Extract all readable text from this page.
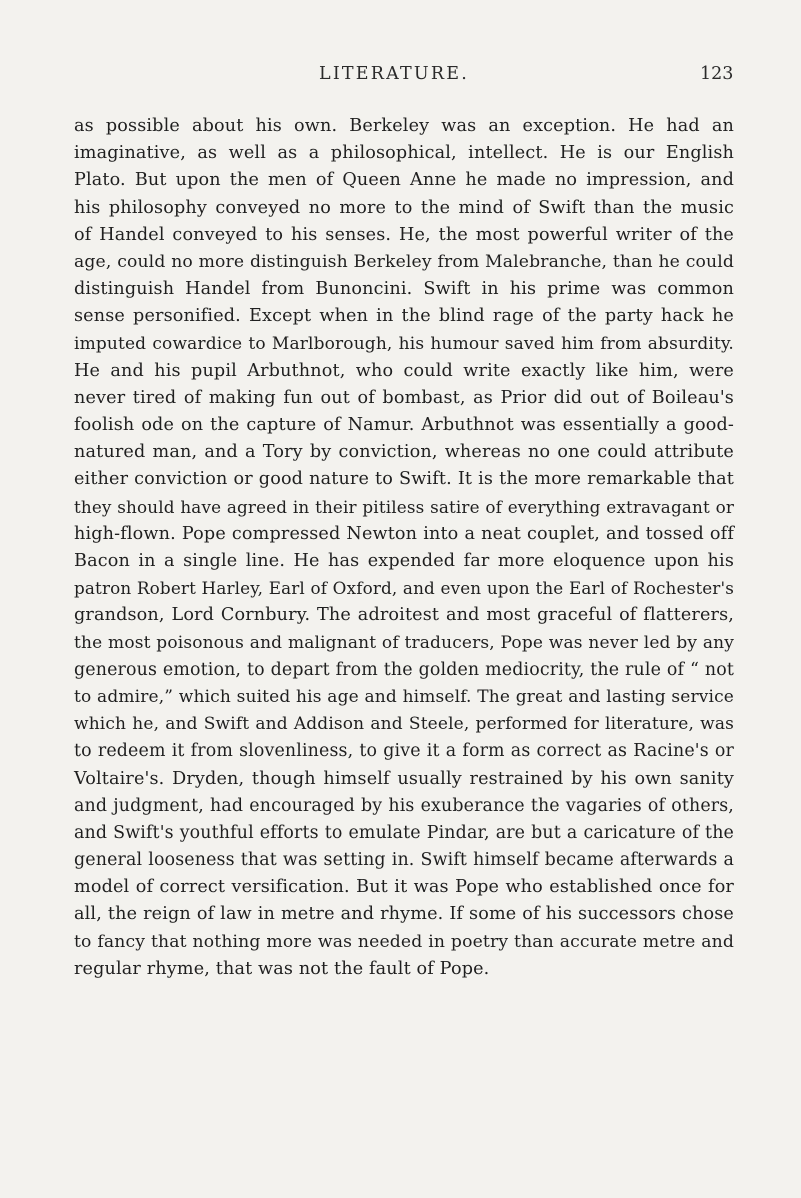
LITERATURE.	123
as possible about his own. Berkeley was an exception. He had an
imaginative, as well as a philosophical, intellect. He is our English
Plato. But upon the men of Queen Anne he made no impression, and
his philosophy conveyed no more to the mind of Swift than the music
of Handel conveyed to his senses. He, the most powerful writer of the
age, could no more distinguish Berkeley from Malebranche, than he could
distinguish Handel from Bunoncini. Swift in his prime was common
sense personified. Except when in the blind rage of the party hack he
imputed cowardice to Marlborough, his humour saved him from absurdity.
He and his pupil Arbuthnot, who could write exactly like him, were
never tired of making fun out of bombast, as Prior did out of Boileau's
foolish ode on the capture of Namur. Arbuthnot was essentially a good-
natured man, and a Tory by conviction, whereas no one could attribute
either conviction or good nature to Swift. It is the more remarkable that
they should have agreed in their pitiless satire of everything extravagant or
high-flown. Pope compressed Newton into a neat couplet, and tossed off
Bacon in a single line. He has expended far more eloquence upon his
patron Robert Harley, Earl of Oxford, and even upon the Earl of Rochester's
grandson, Lord Cornbury. The adroitest and most graceful of flatterers,
the most poisonous and malignant of traducers, Pope was never led by any
generous emotion, to depart from the golden mediocrity, the rule of “ not
to admire,” which suited his age and himself. The great and lasting service
which he, and Swift and Addison and Steele, performed for literature, was
to redeem it from slovenliness, to give it a form as correct as Racine's or
Voltaire's. Dryden, though himself usually restrained by his own sanity
and judgment, had encouraged by his exuberance the vagaries of others,
and Swift's youthful efforts to emulate Pindar, are but a caricature of the
general looseness that was setting in. Swift himself became afterwards a
model of correct versification. But it was Pope who established once for
all, the reign of law in metre and rhyme. If some of his successors chose
to fancy that nothing more was needed in poetry than accurate metre and
regular rhyme, that was not the fault of Pope.
